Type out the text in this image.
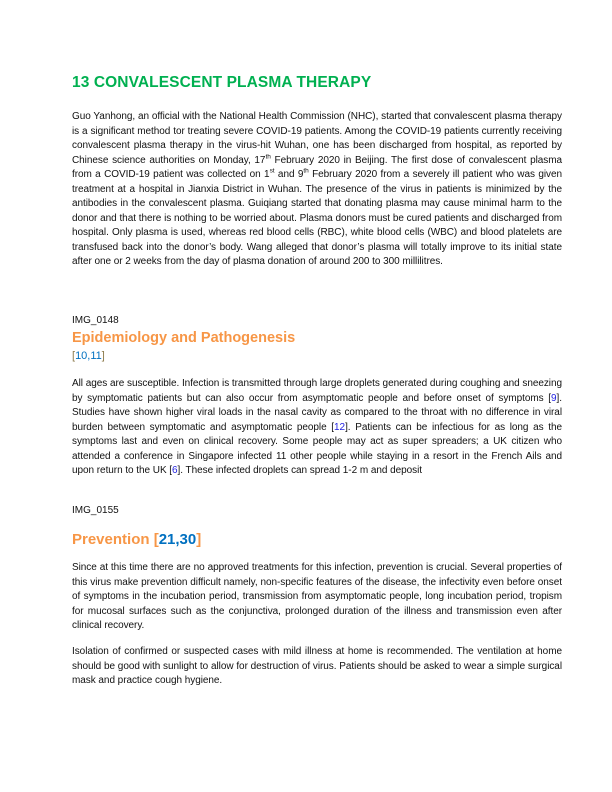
13 CONVALESCENT PLASMA THERAPY

Guo Yanhong, an official with the National Health Commission (NHC), started that convalescent plasma therapy is a significant method tor treating severe COVID-19 patients. Among the COVID-19 patients currently receiving convalescent plasma therapy in the virus-hit Wuhan, one has been discharged from hospital, as reported by Chinese science authorities on Monday, 17th February 2020 in Beijing. The first dose of convalescent plasma from a COVID-19 patient was collected on 1st and 9th February 2020 from a severely ill patient who was given treatment at a hospital in Jianxia District in Wuhan. The presence of the virus in patients is minimized by the antibodies in the convalescent plasma. Guiqiang started that donating plasma may cause minimal harm to the donor and that there is nothing to be worried about. Plasma donors must be cured patients and discharged from hospital. Only plasma is used, whereas red blood cells (RBC), white blood cells (WBC) and blood platelets are transfused back into the donor’s body. Wang alleged that donor’s plasma will totally improve to its initial state after one or 2 weeks from the day of plasma donation of around 200 to 300 millilitres.

IMG_0148
Epidemiology and Pathogenesis
[10,11]

All ages are susceptible. Infection is transmitted through large droplets generated during coughing and sneezing by symptomatic patients but can also occur from asymptomatic people and before onset of symptoms [9]. Studies have shown higher viral loads in the nasal cavity as compared to the throat with no difference in viral burden between symptomatic and asymptomatic people [12]. Patients can be infectious for as long as the symptoms last and even on clinical recovery. Some people may act as super spreaders; a UK citizen who attended a conference in Singapore infected 11 other people while staying in a resort in the French Ails and upon return to the UK [6]. These infected droplets can spread 1-2 m and deposit

IMG_0155
Prevention [21,30]

Since at this time there are no approved treatments for this infection, prevention is crucial. Several properties of this virus make prevention difficult namely, non-specific features of the disease, the infectivity even before onset of symptoms in the incubation period, transmission from asymptomatic people, long incubation period, tropism for mucosal surfaces such as the conjunctiva, prolonged duration of the illness and transmission even after clinical recovery.

Isolation of confirmed or suspected cases with mild illness at home is recommended. The ventilation at home should be good with sunlight to allow for destruction of virus. Patients should be asked to wear a simple surgical mask and practice cough hygiene.
